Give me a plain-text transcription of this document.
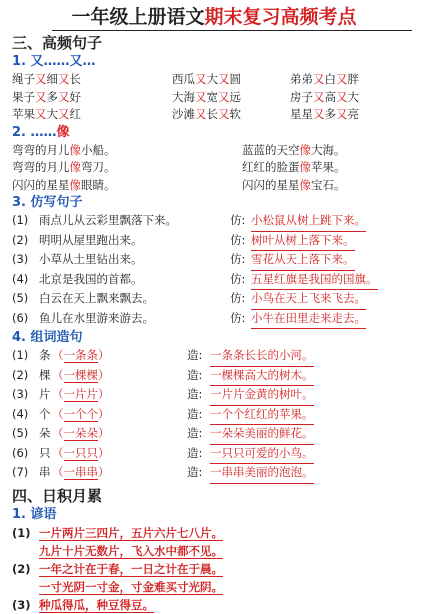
一年级上册语文期末复习高频考点
三、高频句子
1. 又……又…
绳子又细又长	西瓜又大又圆	弟弟又白又胖
果子又多又好	大海又宽又远	房子又高又大
苹果又大又红	沙滩又长又软	星星又多又亮
2. ……像
弯弯的月儿像小船。	蓝蓝的天空像大海。
弯弯的月儿像弯刀。	红红的脸蛋像苹果。
闪闪的星星像眼睛。	闪闪的星星像宝石。
3. 仿写句子
(1) 雨点儿从云彩里飘落下来。	仿: 小松鼠从树上跳下来。
(2) 明明从屋里跑出来。	仿: 树叶从树上落下来。
(3) 小草从土里钻出来。	仿: 雪花从天上落下来。
(4) 北京是我国的首都。	仿: 五星红旗是我国的国旗。
(5) 白云在天上飘来飘去。	仿: 小鸟在天上飞来飞去。
(6) 鱼儿在水里游来游去。	仿: 小牛在田里走来走去。
4. 组词造句
(1) 条 （一条条）	造: 一条条长长的小河。
(2) 棵 （一棵棵）	造: 一棵棵高大的树木。
(3) 片 （一片片）	造: 一片片金黄的树叶。
(4) 个 （一个个）	造: 一个个红红的苹果。
(5) 朵 （一朵朵）	造: 一朵朵美丽的鲜花。
(6) 只 （一只只）	造: 一只只可爱的小鸟。
(7) 串 （一串串）	造: 一串串美丽的泡泡。
四、日积月累
1. 谚语
(1) 一片两片三四片，五片六片七八片。
九片十片无数片，飞入水中都不见。
(2) 一年之计在于春，一日之计在于晨。
一寸光阴一寸金，寸金难买寸光阴。
(3) 种瓜得瓜，种豆得豆。
